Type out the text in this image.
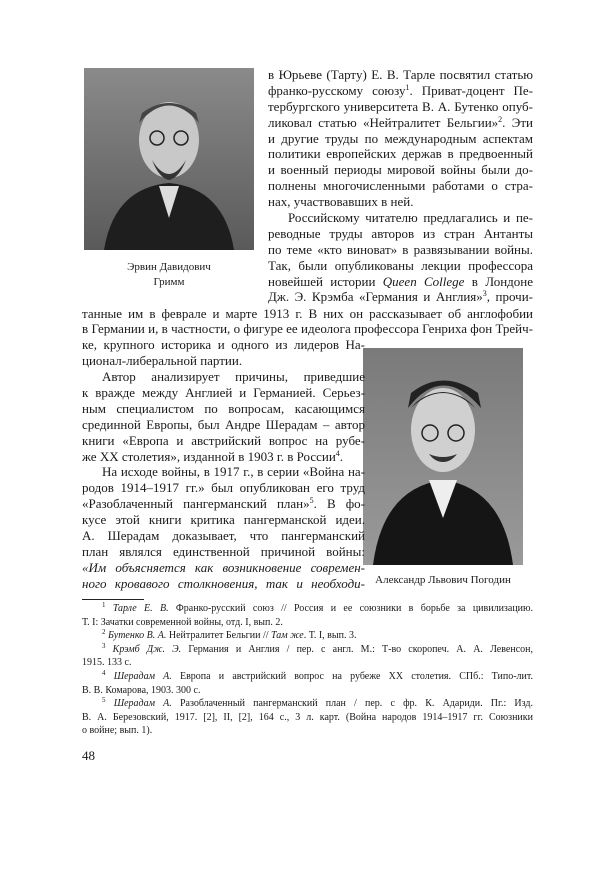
Эрвин Давидович
Гримм
Александр Львович Погодин
в Юрьеве (Тарту) Е. В. Тарле посвятил статью
франко-русскому союзу$^1$. Приват-доцент Пе-
тербургского университета В. А. Бутенко опуб-
ликовал статью «Нейтралитет Бельгии»$^2$. Эти
и другие труды по международным аспектам
политики европейских держав в предвоенный
и военный периоды мировой войны были до-
полнены многочисленными работами о стра-
нах, участвовавших в ней.
Российскому читателю предлагались и пе-
реводные труды авторов из стран Антанты
по теме «кто виноват» в развязывании войны.
Так, были опубликованы лекции профессора
новейшей истории Queen College в Лондоне
Дж. Э. Крэмба «Германия и Англия»$^3$, прочи-
танные им в феврале и марте 1913 г. В них он рассказывает об англофобии
в Германии и, в частности, о фигуре ее идеолога профессора Генриха фон Трейч-
ке, крупного историка и одного из лидеров На-
ционал-либеральной партии.
Автор анализирует причины, приведшие
к вражде между Англией и Германией. Серьез-
ным специалистом по вопросам, касающимся
срединной Европы, был Андре Шерадам – автор
книги «Европа и австрийский вопрос на рубе-
же XX столетия», изданной в 1903 г. в России$^4$.
На исходе войны, в 1917 г., в серии «Война на-
родов 1914–1917 гг.» был опубликован его труд
«Разоблаченный пангерманский план»$^5$. В фо-
кусе этой книги критика пангерманской идеи.
А. Шерадам доказывает, что пангерманский
план являлся единственной причиной войны:
«Им объясняется как возникновение современ-
ного кровавого столкновения, так и необходи-
$^1$ Тарле Е. В. Франко-русский союз // Россия и ее союзники в борьбе за цивилизацию.
Т. I: Зачатки современной войны, отд. I, вып. 2.
$^2$ Бутенко В. А. Нейтралитет Бельгии // Там же. Т. I, вып. 3.
$^3$ Крэмб Дж. Э. Германия и Англия / пер. с англ. М.: Т-во скоропеч. А. А. Левенсон,
1915. 133 с.
$^4$ Шерадам А. Европа и австрийский вопрос на рубеже XX столетия. СПб.: Типо-лит.
В. В. Комарова, 1903. 300 с.
$^5$ Шерадам А. Разоблаченный пангерманский план / пер. с фр. К. Адариди. Пг.: Изд.
В. А. Березовский, 1917. [2], II, [2], 164 с., 3 л. карт. (Война народов 1914–1917 гг. Союзники
о войне; вып. 1).
48
